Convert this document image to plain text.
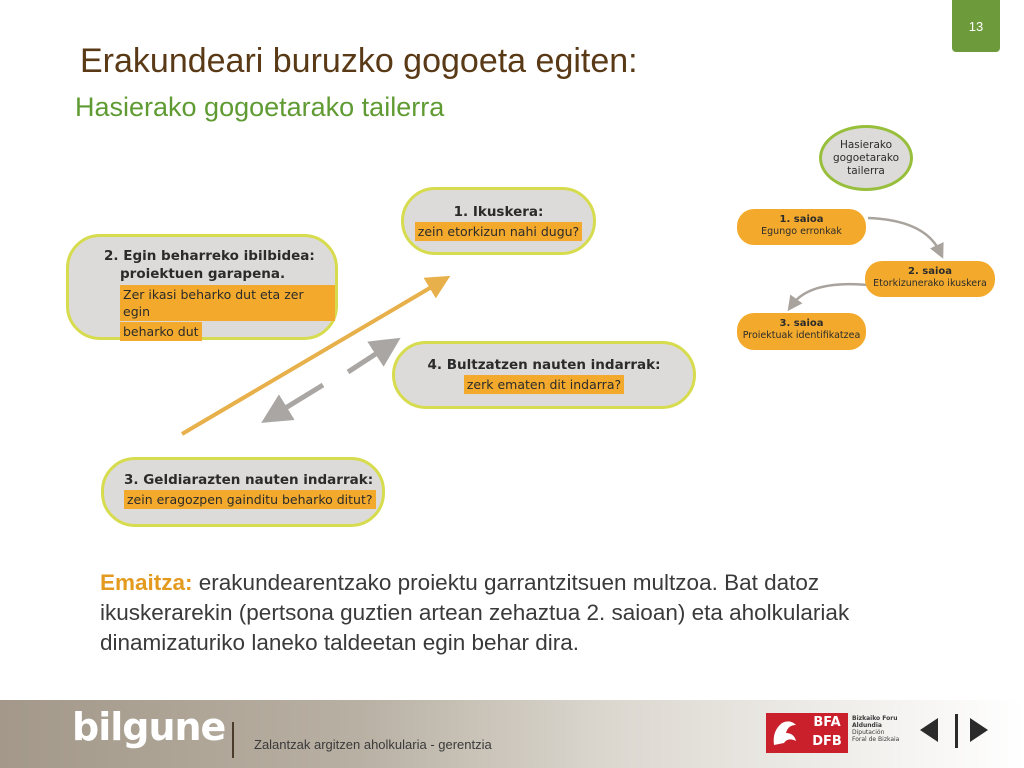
13
Erakundeari buruzko gogoeta egiten:
Hasierako gogoetarako tailerra
1. Ikuskera:
zein etorkizun nahi dugu?
2. Egin beharreko ibilbidea:
proiektuen garapena.
Zer ikasi beharko dut eta zer egin
beharko dut
4. Bultzatzen nauten indarrak:
zerk ematen dit indarra?
3. Geldiarazten nauten indarrak:
zein eragozpen gainditu beharko ditut?
Hasierako
gogoetarako
tailerra
1. saioa
Egungo erronkak
2. saioa
Etorkizunerako ikuskera
3. saioa
Proiektuak identifikatzea
Emaitza: erakundearentzako proiektu garrantzitsuen multzoa. Bat datoz ikuskerarekin (pertsona guztien artean zehaztua 2. saioan) eta aholkulariak dinamizaturiko laneko taldeetan egin behar dira.
bilgune Zalantzak argitzen aholkularia - gerentzia
BFA
DFB
Bizkaiko Foru
Aldundia
Diputación
Foral de Bizkaia
